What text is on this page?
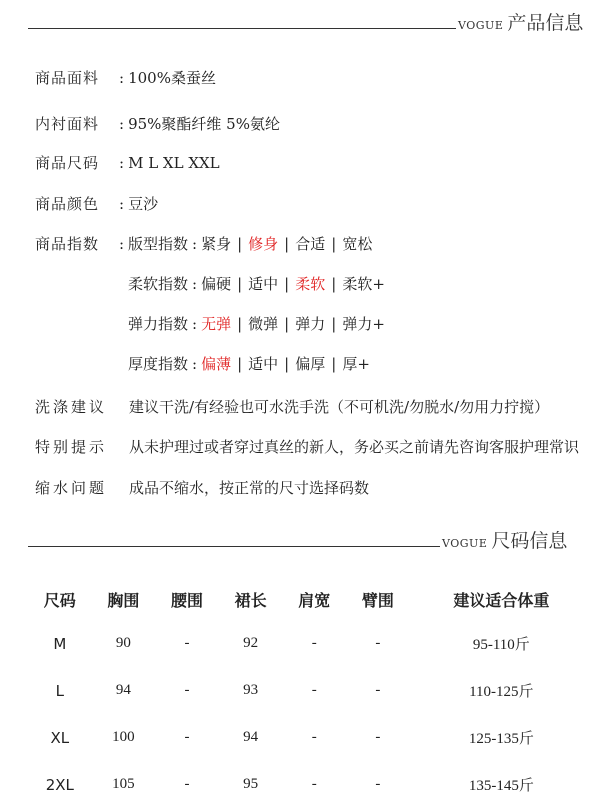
VOGUE 产品信息
商品面料 : 100%桑蚕丝
内衬面料 : 95%聚酯纤维 5%氨纶
商品尺码 : M L XL XXL
商品颜色 : 豆沙
商品指数 : 版型指数 : 紧身 | 修身 | 合适 | 宽松
柔软指数 : 偏硬 | 适中 | 柔软 | 柔软+
弹力指数 : 无弹 | 微弹 | 弹力 | 弹力+
厚度指数 : 偏薄 | 适中 | 偏厚 | 厚+
洗涤建议 建议干洗/有经验也可水洗手洗（不可机洗/勿脱水/勿用力拧搅）
特别提示 从未护理过或者穿过真丝的新人，务必买之前请先咨询客服护理常识
缩水问题 成品不缩水，按正常的尺寸选择码数
VOGUE 尺码信息
尺码	胸围	腰围	裙长	肩宽	臂围	建议适合体重
M	90	-	92	-	-	95-110斤
L	94	-	93	-	-	110-125斤
XL	100	-	94	-	-	125-135斤
2XL	105	-	95	-	-	135-145斤
